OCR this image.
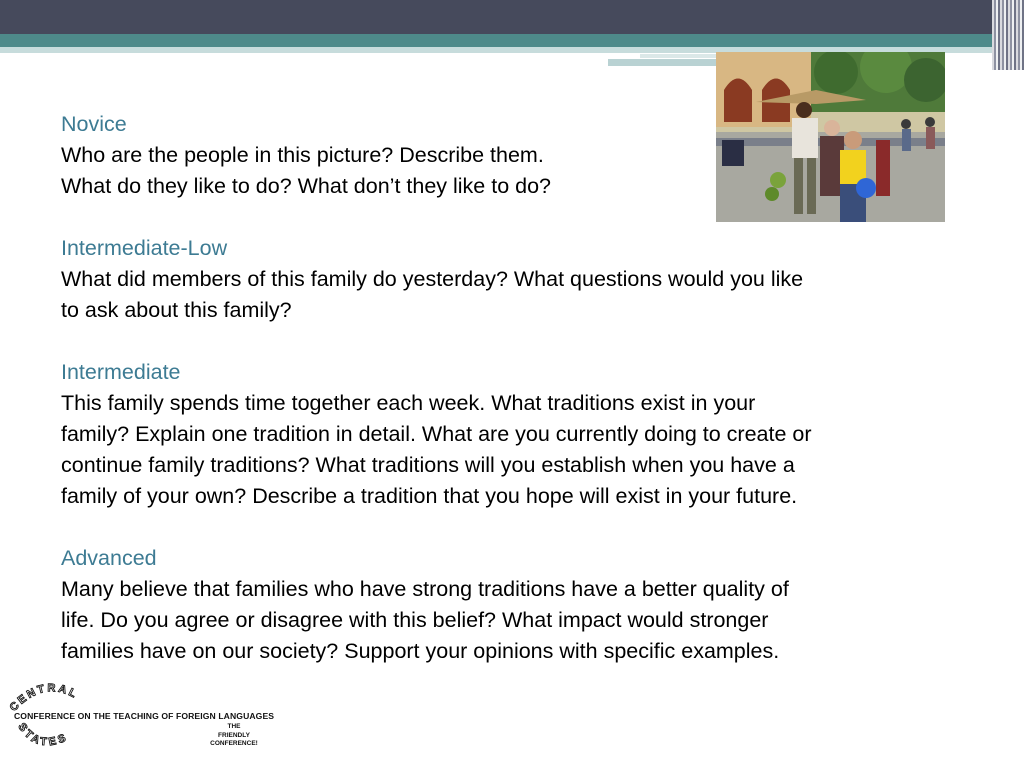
Novice

Who are the people in this picture? Describe them.

What do they like to do? What don’t they like to do?

Intermediate-Low

What did members of this family do yesterday? What questions would you like

to ask about this family?

Intermediate

This family spends time together each week. What traditions exist in your

family? Explain one tradition in detail. What are you currently doing to create or

continue family traditions? What traditions will you establish when you have a

family of your own? Describe a tradition that you hope will exist in your future.

Advanced

Many believe that families who have strong traditions have a better quality of

life. Do you agree or disagree with this belief? What impact would stronger

families have on our society? Support your opinions with specific examples.

CENTRAL
STATES
CONFERENCE ON THE TEACHING OF FOREIGN LANGUAGES
THE
FRIENDLY
CONFERENCE!
